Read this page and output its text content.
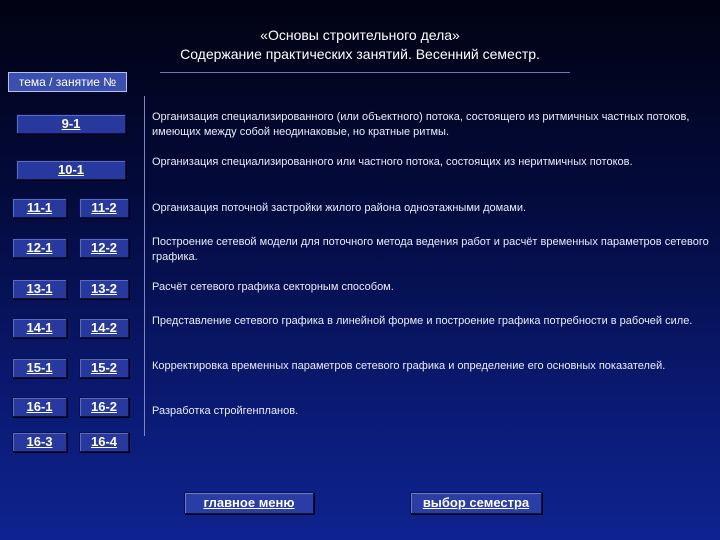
«Основы строительного дела»
Содержание практических занятий. Весенний семестр.
тема / занятие №
9-1	Организация специализированного (или объектного) потока, состоящего из ритмичных частных потоков, имеющих между собой неодинаковые, но кратные ритмы.
10-1	Организация специализированного или частного потока, состоящих из неритмичных потоков.
11-1	11-2	Организация поточной застройки жилого района одноэтажными домами.
12-1	12-2	Построение сетевой модели для поточного метода ведения работ и расчёт временных параметров сетевого графика.
13-1	13-2	Расчёт сетевого графика секторным способом.
14-1	14-2	Представление сетевого графика в линейной форме и построение графика потребности в рабочей силе.
15-1	15-2	Корректировка временных параметров сетевого графика и определение его основных показателей.
16-1	16-2	Разработка стройгенпланов.
16-3	16-4
главное меню	выбор семестра
